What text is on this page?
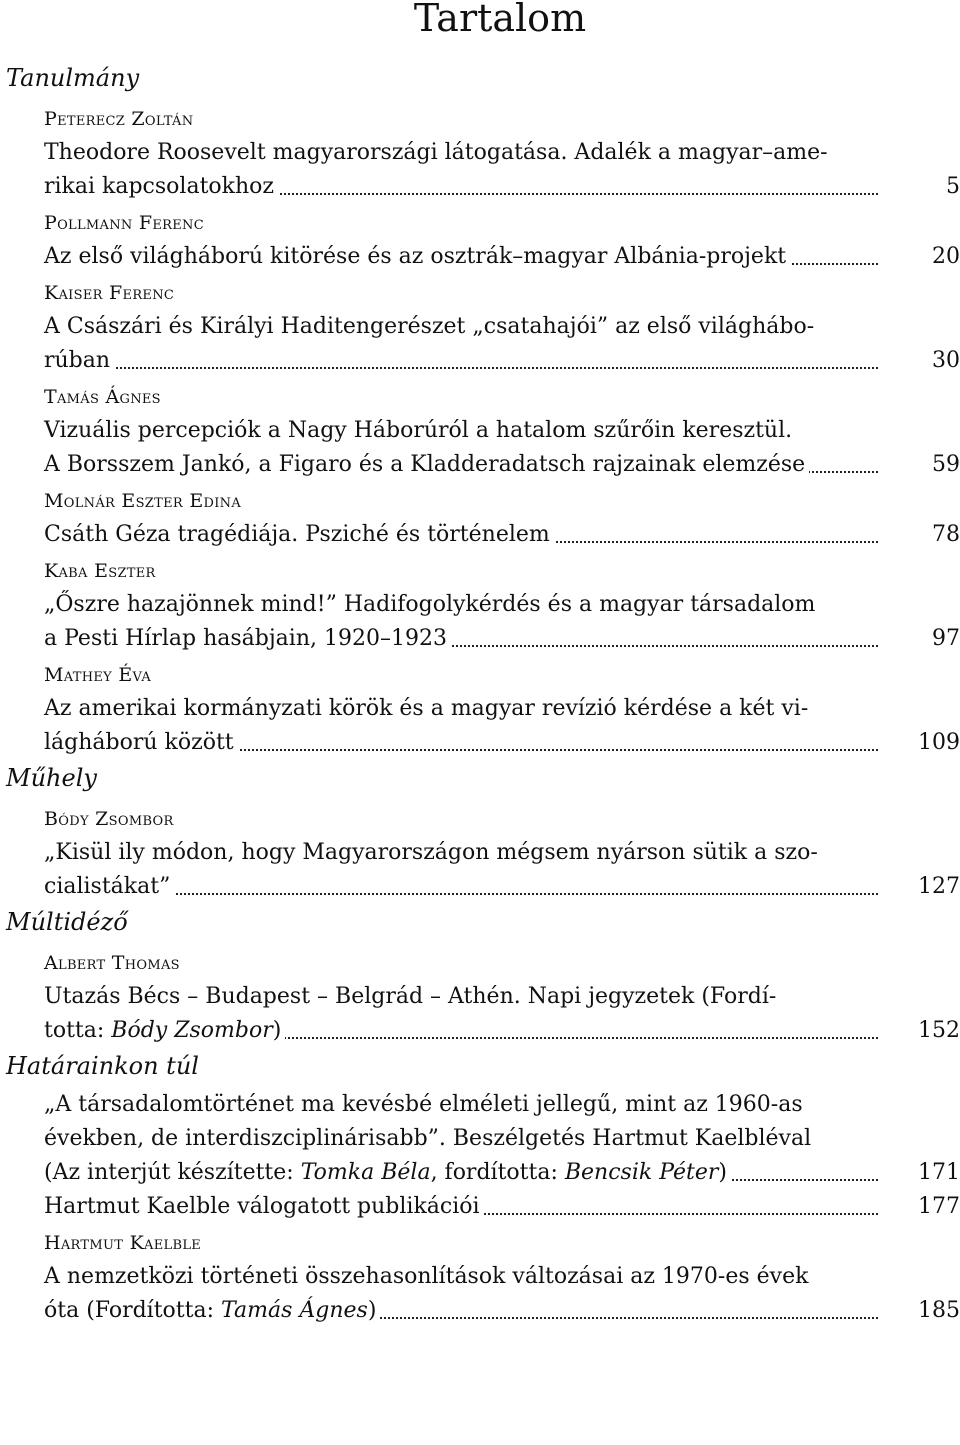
Tartalom
Tanulmány
Peterecz Zoltán
Theodore Roosevelt magyarországi látogatása. Adalék a magyar–ame-
rikai kapcsolatokhoz	5
Pollmann Ferenc
Az első világháború kitörése és az osztrák–magyar Albánia-projekt	20
Kaiser Ferenc
A Császári és Királyi Haditengerészet „csatahajói” az első világhábo-
rúban	30
Tamás Ágnes
Vizuális percepciók a Nagy Háborúról a hatalom szűrőin keresztül.
A Borsszem Jankó, a Figaro és a Kladderadatsch rajzainak elemzése	59
Molnár Eszter Edina
Csáth Géza tragédiája. Psziché és történelem	78
Kaba Eszter
„Őszre hazajönnek mind!” Hadifogolykérdés és a magyar társadalom
a Pesti Hírlap hasábjain, 1920–1923	97
Mathey Éva
Az amerikai kormányzati körök és a magyar revízió kérdése a két vi-
lágháború között	109
Műhely
Bódy Zsombor
„Kisül ily módon, hogy Magyarországon mégsem nyárson sütik a szo-
cialistákat”	127
Múltidéző
Albert Thomas
Utazás Bécs – Budapest – Belgrád – Athén. Napi jegyzetek (Fordí-
totta: Bódy Zsombor)	152
Határainkon túl
„A társadalomtörténet ma kevésbé elméleti jellegű, mint az 1960-as
években, de interdiszciplinárisabb”. Beszélgetés Hartmut Kaelbléval
(Az interjút készítette: Tomka Béla, fordította: Bencsik Péter)	171
Hartmut Kaelble válogatott publikációi	177
Hartmut Kaelble
A nemzetközi történeti összehasonlítások változásai az 1970-es évek
óta (Fordította: Tamás Ágnes)	185
